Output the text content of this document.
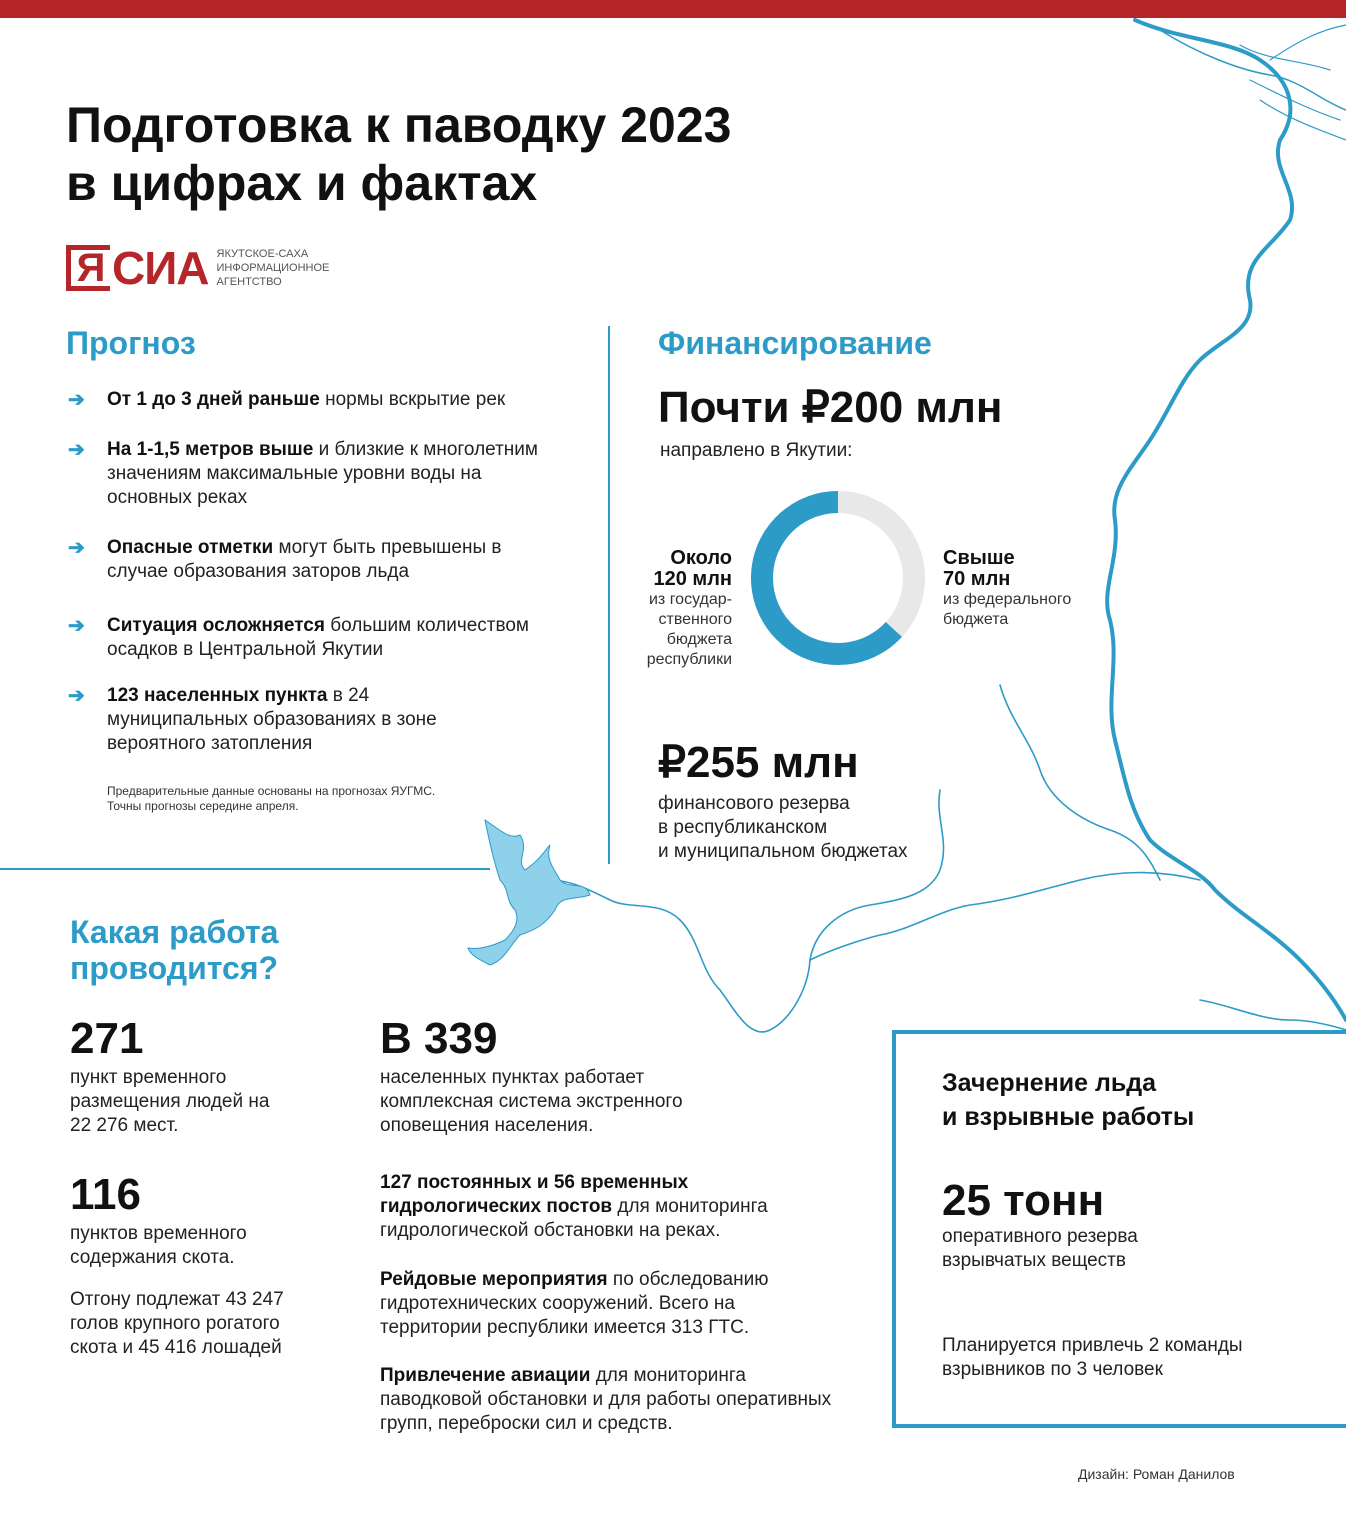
Подготовка к паводку 2023
в цифрах и фактах
Я СИА ЯКУТСКОЕ-САХА
ИНФОРМАЦИОННОЕ
АГЕНТСТВО
Прогноз
➔ От 1 до 3 дней раньше нормы вскрытие рек
➔ На 1-1,5 метров выше и близкие к многолетним значениям максимальные уровни воды на основных реках
➔ Опасные отметки могут быть превышены в случае образования заторов льда
➔ Ситуация осложняется большим количеством осадков в Центральной Якутии
➔ 123 населенных пункта в 24 муниципальных образованиях в зоне вероятного затопления
Предварительные данные основаны на прогнозах ЯУГМС.
Точны прогнозы середине апреля.
Финансирование
Почти ₽200 млн
направлено в Якутии:
Около
120 млн
из государ-ственного бюджета республики
Свыше
70 млн
из федерального бюджета
₽255 млн
финансового резерва
в республиканском
и муниципальном бюджетах
Какая работа
проводится?
271
пункт временного размещения людей на 22 276 мест.
116
пунктов временного содержания скота.
Отгону подлежат 43 247 голов крупного рогатого скота и 45 416 лошадей
В 339
населенных пунктах работает комплексная система экстренного оповещения населения.
127 постоянных и 56 временных гидрологических постов для мониторинга гидрологической обстановки на реках.
Рейдовые мероприятия по обследованию гидротехнических сооружений. Всего на территории республики имеется 313 ГТС.
Привлечение авиации для мониторинга паводковой обстановки и для работы оперативных групп, переброски сил и средств.
Зачернение льда
и взрывные работы
25 тонн
оперативного резерва взрывчатых веществ
Планируется привлечь 2 команды взрывников по 3 человек
Дизайн: Роман Данилов
